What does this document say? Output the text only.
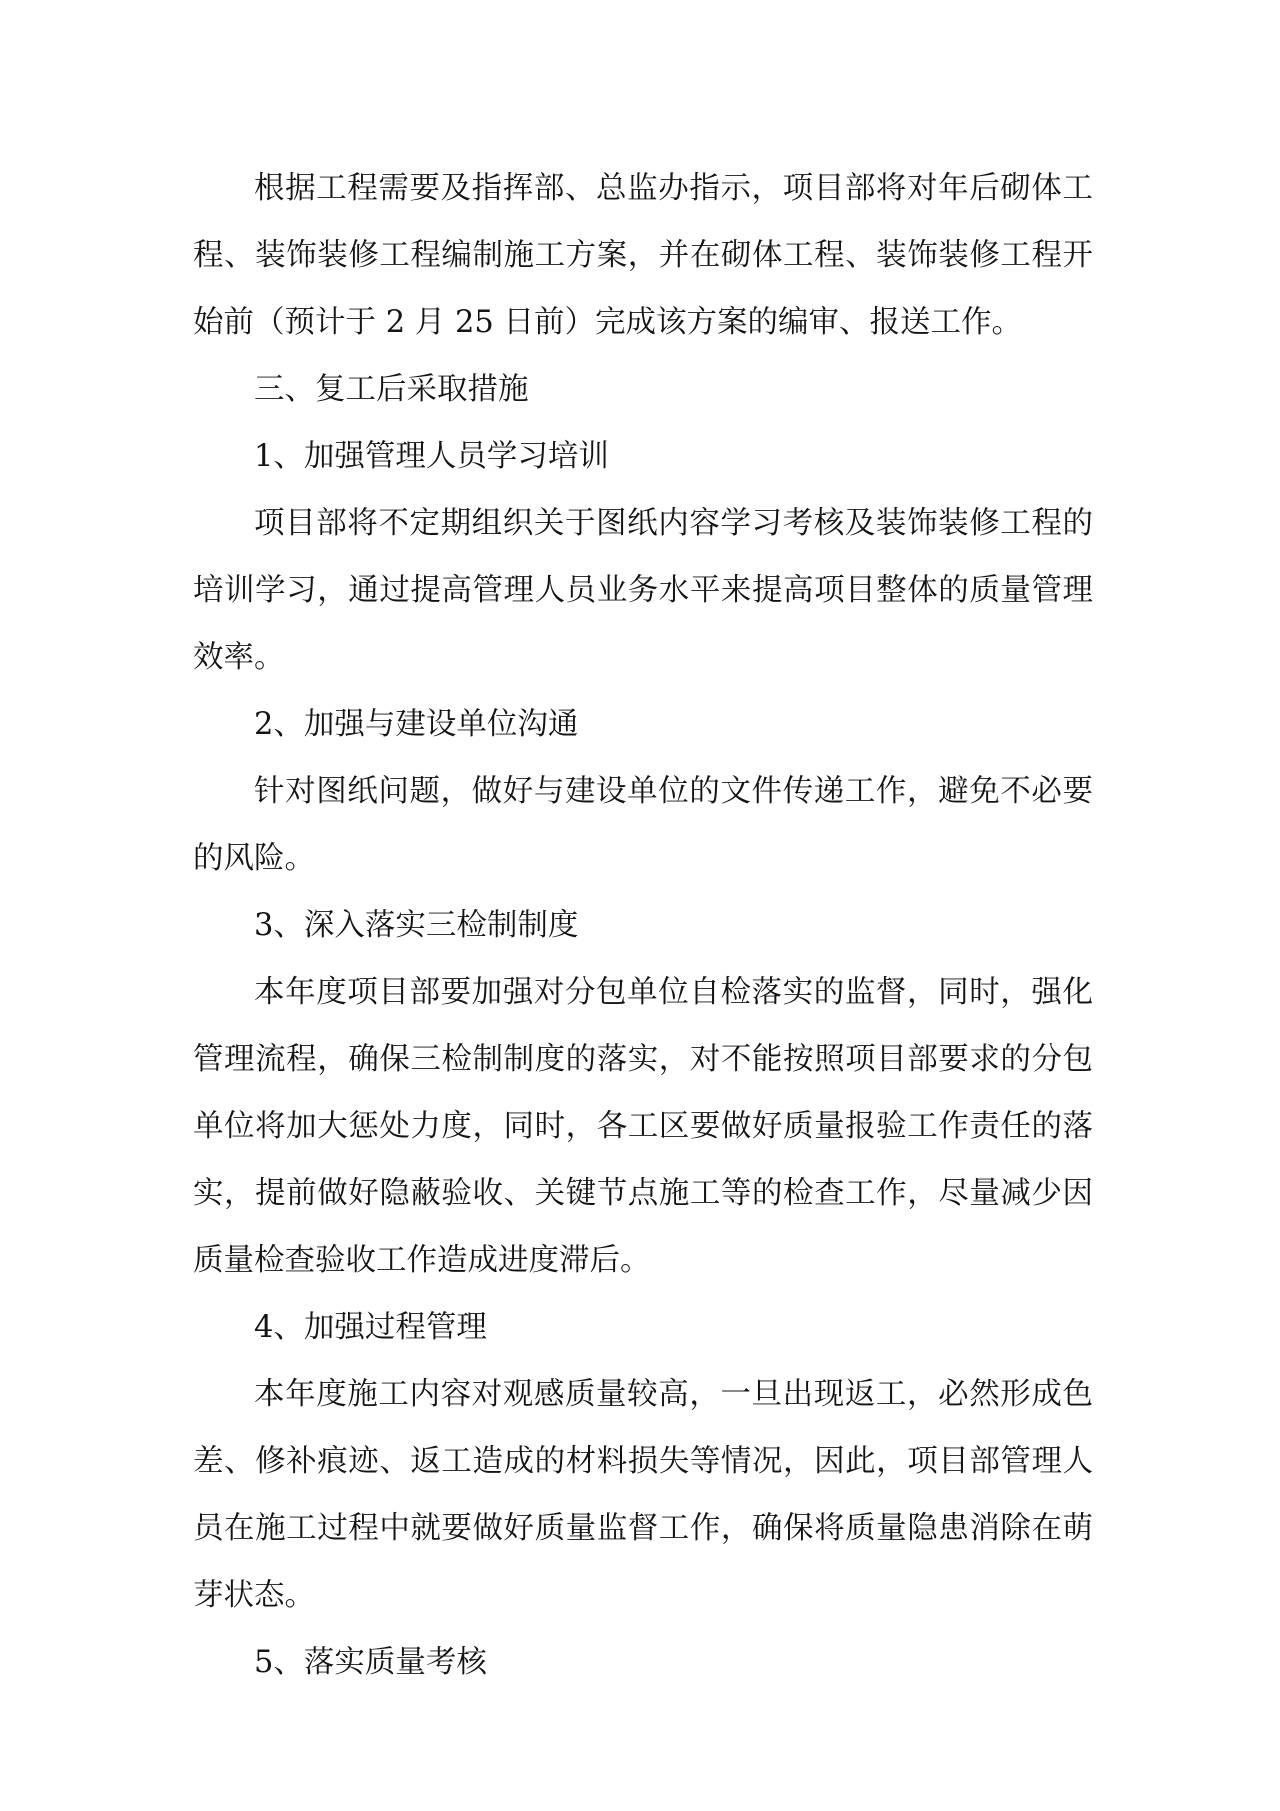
根据工程需要及指挥部、总监办指示，项目部将对年后砌体工程、装饰装修工程编制施工方案，并在砌体工程、装饰装修工程开始前（预计于 2 月 25 日前）完成该方案的编审、报送工作。

三、复工后采取措施

1、加强管理人员学习培训

项目部将不定期组织关于图纸内容学习考核及装饰装修工程的培训学习，通过提高管理人员业务水平来提高项目整体的质量管理效率。

2、加强与建设单位沟通

针对图纸问题，做好与建设单位的文件传递工作，避免不必要的风险。

3、深入落实三检制制度

本年度项目部要加强对分包单位自检落实的监督，同时，强化管理流程，确保三检制制度的落实，对不能按照项目部要求的分包单位将加大惩处力度，同时，各工区要做好质量报验工作责任的落实，提前做好隐蔽验收、关键节点施工等的检查工作，尽量减少因质量检查验收工作造成进度滞后。

4、加强过程管理

本年度施工内容对观感质量较高，一旦出现返工，必然形成色差、修补痕迹、返工造成的材料损失等情况，因此，项目部管理人员在施工过程中就要做好质量监督工作，确保将质量隐患消除在萌芽状态。

5、落实质量考核
